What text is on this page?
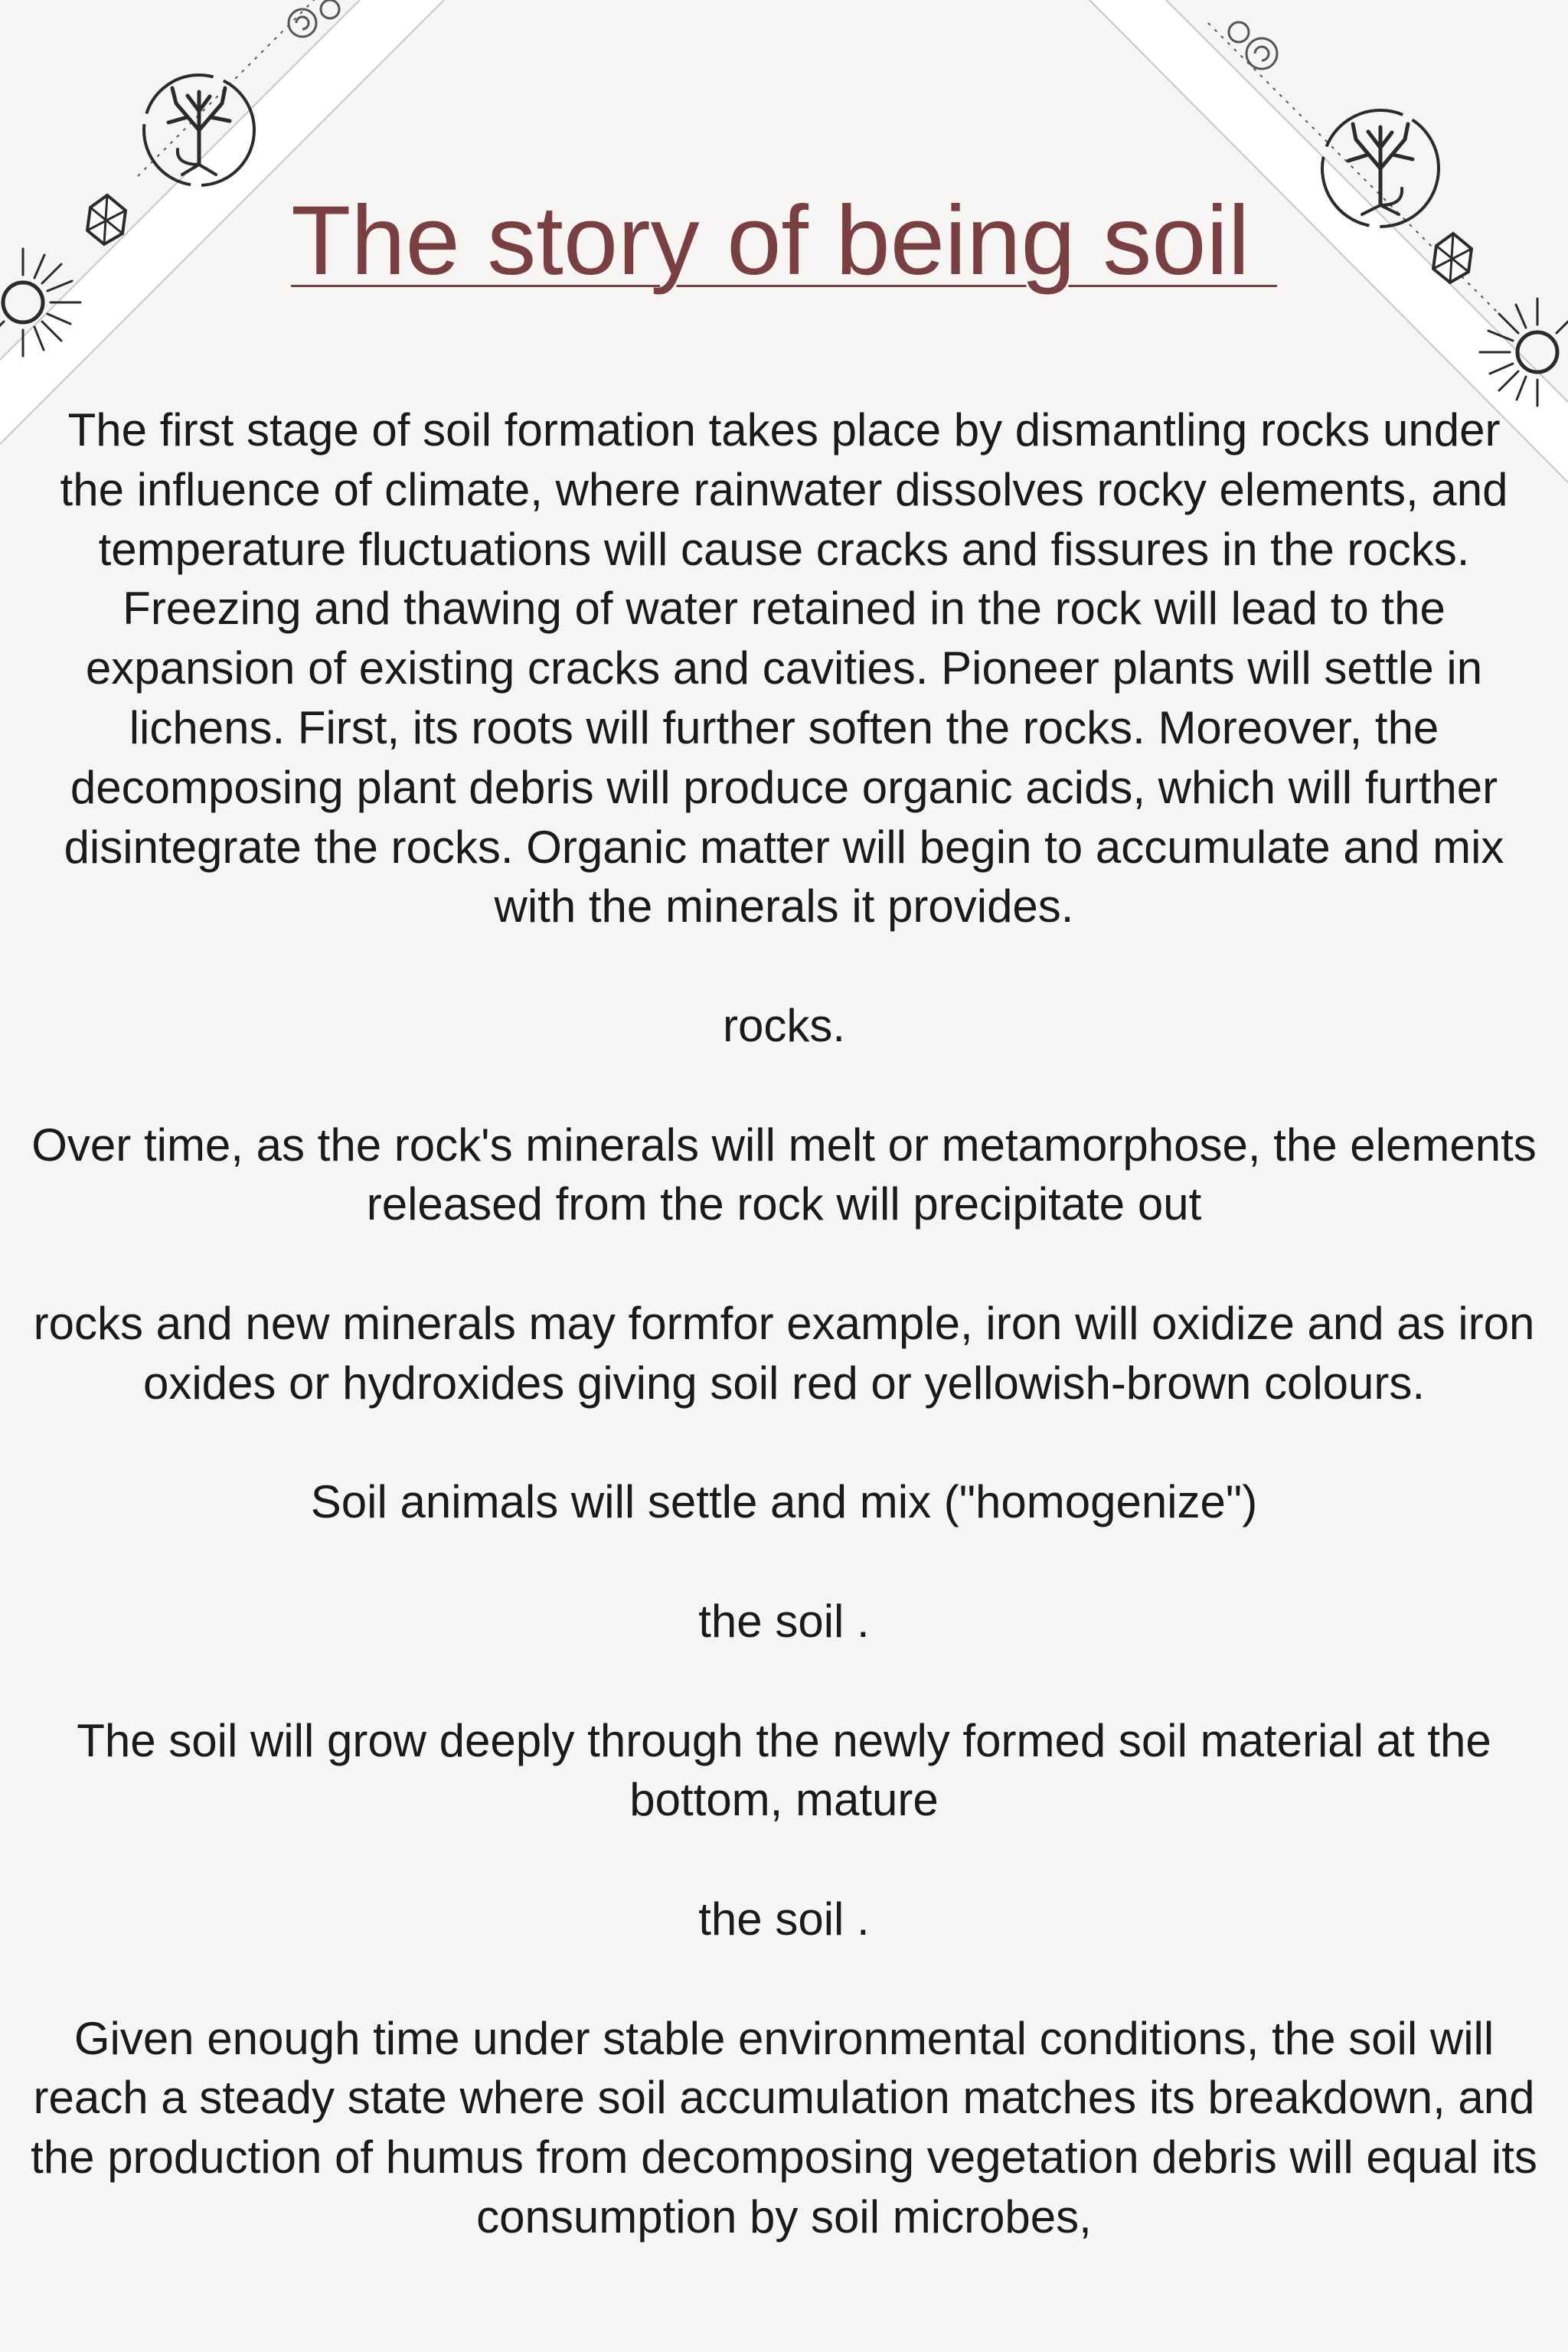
The story of being soil

The first stage of soil formation takes place by dismantling rocks under the influence of climate, where rainwater dissolves rocky elements, and temperature fluctuations will cause cracks and fissures in the rocks. Freezing and thawing of water retained in the rock will lead to the expansion of existing cracks and cavities. Pioneer plants will settle in lichens. First, its roots will further soften the rocks. Moreover, the decomposing plant debris will produce organic acids, which will further disintegrate the rocks. Organic matter will begin to accumulate and mix with the minerals it provides.

rocks.

Over time, as the rock's minerals will melt or metamorphose, the elements released from the rock will precipitate out

rocks and new minerals may formfor example, iron will oxidize and as iron oxides or hydroxides giving soil red or yellowish-brown colours.

Soil animals will settle and mix ("homogenize")

the soil .

The soil will grow deeply through the newly formed soil material at the bottom, mature

the soil .

Given enough time under stable environmental conditions, the soil will reach a steady state where soil accumulation matches its breakdown, and the production of humus from decomposing vegetation debris will equal its consumption by soil microbes,
